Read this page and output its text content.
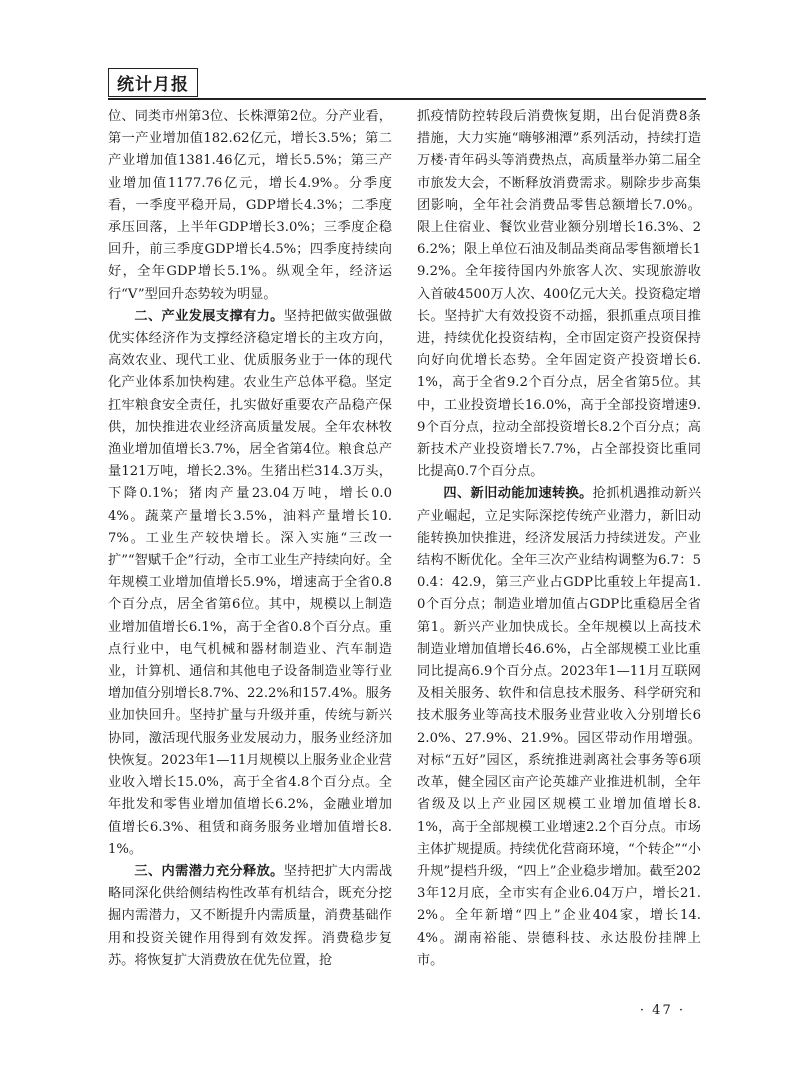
统计月报

位、同类市州第3位、长株潭第2位。分产业看，第一产业增加值182.62亿元，增长3.5%；第二产业增加值1381.46亿元，增长5.5%；第三产业增加值1177.76亿元，增长4.9%。分季度看，一季度平稳开局，GDP增长4.3%；二季度承压回落，上半年GDP增长3.0%；三季度企稳回升，前三季度GDP增长4.5%；四季度持续向好，全年GDP增长5.1%。纵观全年，经济运行“V”型回升态势较为明显。

二、产业发展支撑有力。坚持把做实做强做优实体经济作为支撑经济稳定增长的主攻方向，高效农业、现代工业、优质服务业于一体的现代化产业体系加快构建。农业生产总体平稳。坚定扛牢粮食安全责任，扎实做好重要农产品稳产保供，加快推进农业经济高质量发展。全年农林牧渔业增加值增长3.7%，居全省第4位。粮食总产量121万吨，增长2.3%。生猪出栏314.3万头，下降0.1%；猪肉产量23.04万吨，增长0.04%。蔬菜产量增长3.5%，油料产量增长10.7%。工业生产较快增长。深入实施“三改一扩”“智赋千企”行动，全市工业生产持续向好。全年规模工业增加值增长5.9%，增速高于全省0.8个百分点，居全省第6位。其中，规模以上制造业增加值增长6.1%，高于全省0.8个百分点。重点行业中，电气机械和器材制造业、汽车制造业，计算机、通信和其他电子设备制造业等行业增加值分别增长8.7%、22.2%和157.4%。服务业加快回升。坚持扩量与升级并重，传统与新兴协同，激活现代服务业发展动力，服务业经济加快恢复。2023年1—11月规模以上服务业企业营业收入增长15.0%，高于全省4.8个百分点。全年批发和零售业增加值增长6.2%，金融业增加值增长6.3%、租赁和商务服务业增加值增长8.1%。

三、内需潜力充分释放。坚持把扩大内需战略同深化供给侧结构性改革有机结合，既充分挖掘内需潜力，又不断提升内需质量，消费基础作用和投资关键作用得到有效发挥。消费稳步复苏。将恢复扩大消费放在优先位置，抢

抓疫情防控转段后消费恢复期，出台促消费8条措施，大力实施“嗨够湘潭”系列活动，持续打造万楼·青年码头等消费热点，高质量举办第二届全市旅发大会，不断释放消费需求。剔除步步高集团影响，全年社会消费品零售总额增长7.0%。限上住宿业、餐饮业营业额分别增长16.3%、26.2%；限上单位石油及制品类商品零售额增长19.2%。全年接待国内外旅客人次、实现旅游收入首破4500万人次、400亿元大关。投资稳定增长。坚持扩大有效投资不动摇，狠抓重点项目推进，持续优化投资结构，全市固定资产投资保持向好向优增长态势。全年固定资产投资增长6.1%，高于全省9.2个百分点，居全省第5位。其中，工业投资增长16.0%，高于全部投资增速9.9个百分点，拉动全部投资增长8.2个百分点；高新技术产业投资增长7.7%，占全部投资比重同比提高0.7个百分点。

四、新旧动能加速转换。抢抓机遇推动新兴产业崛起，立足实际深挖传统产业潜力，新旧动能转换加快推进，经济发展活力持续迸发。产业结构不断优化。全年三次产业结构调整为6.7：50.4：42.9，第三产业占GDP比重较上年提高1.0个百分点；制造业增加值占GDP比重稳居全省第1。新兴产业加快成长。全年规模以上高技术制造业增加值增长46.6%，占全部规模工业比重同比提高6.9个百分点。2023年1—11月互联网及相关服务、软件和信息技术服务、科学研究和技术服务业等高技术服务业营业收入分别增长62.0%、27.9%、21.9%。园区带动作用增强。对标“五好”园区，系统推进剥离社会事务等6项改革，健全园区亩产论英雄产业推进机制，全年省级及以上产业园区规模工业增加值增长8.1%，高于全部规模工业增速2.2个百分点。市场主体扩规提质。持续优化营商环境，“个转企”“小升规”提档升级，“四上”企业稳步增加。截至2023年12月底，全市实有企业6.04万户，增长21.2%。全年新增“四上”企业404家，增长14.4%。湖南裕能、崇德科技、永达股份挂牌上市。

· 47 ·
